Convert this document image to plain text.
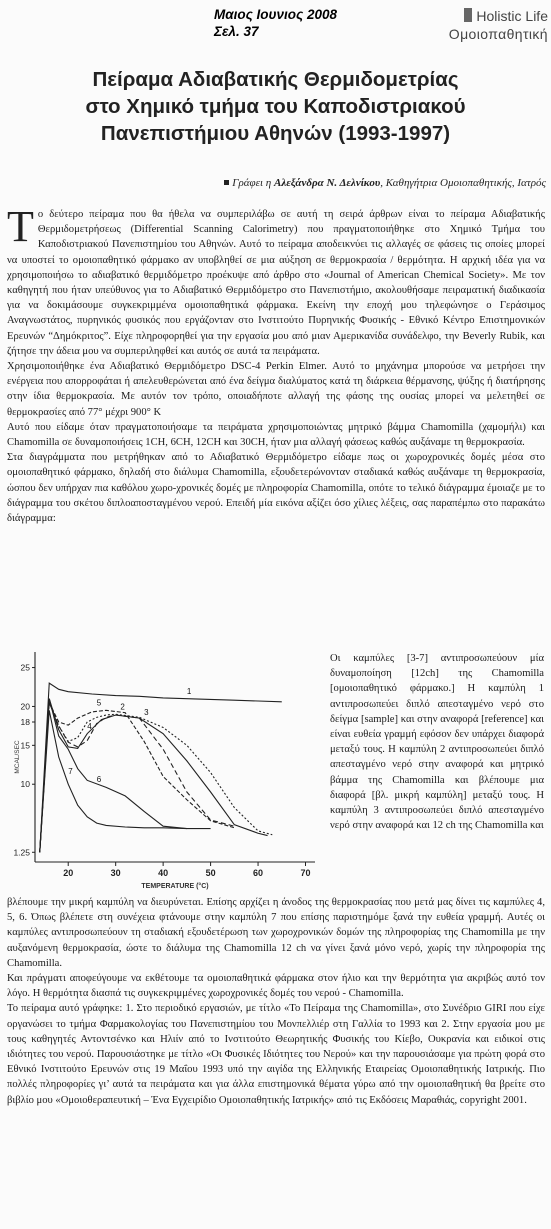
Μαιος Ιουνιος 2008
Σελ. 37
Holistic Life
Ομοιοπαθητική
Πείραμα Αδιαβατικής Θερμιδομετρίας
στο Χημικό τμήμα του Καποδιστριακού
Πανεπιστήμιου Αθηνών (1993-1997)
Γράφει η Αλεξάνδρα Ν. Δελνίκου, Καθηγήτρια Ομοιοπαθητικής, Ιατρός

Το δεύτερο πείραμα που θα ήθελα να συμπεριλάβω σε αυτή τη σειρά άρθρων είναι το πείραμα Αδιαβατικής Θερμιδομετρήσεως (Differential Scanning Calorimetry) που πραγματοποιήθηκε στο Χημικό Τμήμα του Καποδιστριακού Πανεπιστημίου του Αθηνών. Αυτό το πείραμα αποδεικνύει τις αλλαγές σε φάσεις τις οποίες μπορεί να υποστεί το ομοιοπαθητικό φάρμακο αν υποβληθεί σε μια αύξηση σε θερμοκρασία / θερμότητα. Η αρχική ιδέα για να χρησιμοποιήσω το αδιαβατικό θερμιδόμετρο προέκυψε από άρθρο στο «Journal of American Chemical Society». Με τον καθηγητή που ήταν υπεύθυνος για το Αδιαβατικό Θερμιδόμετρο στο Πανεπιστήμιο, ακολουθήσαμε πειραματική διαδικασία για να δοκιμάσουμε συγκεκριμμένα ομοιοπαθητικά φάρμακα. Εκείνη την εποχή μου τηλεφώνησε ο Γεράσιμος Αναγνωστάτος, πυρηνικός φυσικός που εργάζονταν στο Ινστιτούτο Πυρηνικής Φυσικής - Εθνικό Κέντρο Επιστημονικών Ερευνών “Δημόκριτος”. Είχε πληροφορηθεί για την εργασία μου από μιαν Αμερικανίδα συνάδελφο, την Beverly Rubik, και ζήτησε την άδεια μου να συμπεριληφθεί και αυτός σε αυτά τα πειράματα.

Χρησιμοποιήθηκε ένα Αδιαβατικό Θερμιδόμετρο DSC-4 Perkin Elmer. Αυτό το μηχάνημα μπορούσε να μετρήσει την ενέργεια που απορροφάται ή απελευθερώνεται από ένα δείγμα διαλύματος κατά τη διάρκεια θέρμανσης, ψύξης ή διατήρησης στην ίδια θερμοκρασία. Με αυτόν τον τρόπο, οποιαδήποτε αλλαγή της φάσης της ουσίας μπορεί να μελετηθεί σε θερμοκρασίες από 77° μέχρι 900° Κ

Αυτό που είδαμε όταν πραγματοποιήσαμε τα πειράματα χρησιμοποιώντας μητρικό βάμμα Chamomilla (χαμομήλι) και Chamomilla σε δυναμοποιήσεις 1CH, 6CH, 12CH και 30CH, ήταν μια αλλαγή φάσεως καθώς αυξάναμε τη θερμοκρασία.

Στα διαγράμματα που μετρήθηκαν από το Αδιαβατικό Θερμιδόμετρο είδαμε πως οι χωροχρονικές δομές μέσα στο ομοιοπαθητικό φάρμακο, δηλαδή στο διάλυμα Chamomilla, εξουδετερώνονταν σταδιακά καθώς αυξάναμε τη θερμοκρασία, ώσπου δεν υπήρχαν πια καθόλου χωρο-χρονικές δομές με πληροφορία Chamomilla, οπότε το τελικό διάγραμμα έμοιαζε με το διάγραμμα του σκέτου διπλοαποσταγμένου νερού. Επειδή μία εικόνα αξίζει όσο χίλιες λέξεις, σας παραπέμπω στο παρακάτω διάγραμμα:

20	30	40	50	60	70
TEMPERATURE (°C)
1.25
10
15
18
20
25
MCAL/SEC
1
2
3
4
5
6
7
Οι καμπύλες [3-7] αντιπροσωπεύουν μία δυναμοποίηση [12ch] της Chamomilla [ομοιοπαθητικό φάρμακο.] Η καμπύλη 1 αντιπροσωπεύει διπλό απεσταγμένο νερό στο δείγμα [sample] και στην αναφορά [reference] και είναι ευθεία γραμμή εφόσον δεν υπάρχει διαφορά μεταξύ τους. Η καμπύλη 2 αντιπροσωπεύει διπλό απεσταγμένο νερό στην αναφορά και μητρικό βάμμα της Chamomilla και βλέπουμε μια διαφορά [βλ. μικρή καμπύλη] μεταξύ τους. Η καμπύλη 3 αντιπροσωπεύει διπλό απεσταγμένο νερό στην αναφορά και 12 ch της Chamomilla και

βλέπουμε την μικρή καμπύλη να διευρύνεται. Επίσης αρχίζει η άνοδος της θερμοκρασίας που μετά μας δίνει τις καμπύλες 4, 5, 6. Όπως βλέπετε στη συνέχεια φτάνουμε στην καμπύλη 7 που επίσης παριστημόμε ξανά την ευθεία γραμμή. Αυτές οι καμπύλες αντιπροσωπεύουν τη σταδιακή εξουδετέρωση των χωροχρονικών δομών της πληροφορίας της Chamomilla με την αυξανόμενη θερμοκρασία, ώστε το διάλυμα της Chamomilla 12 ch να γίνει ξανά μόνο νερό, χωρίς την πληροφορία της Chamomilla.

Και πράγματι αποφεύγουμε να εκθέτουμε τα ομοιοπαθητικά φάρμακα στον ήλιο και την θερμότητα για ακριβώς αυτό τον λόγο. Η θερμότητα διασπά τις συγκεκριμμένες χωροχρονικές δομές του νερού - Chamomilla.

Το πείραμα αυτό γράφηκε: 1. Στο περιοδικό εργασιών, με τίτλο «Το Πείραμα της Chamomilla», στο Συνέδριο GIRI που είχε οργανώσει το τμήμα Φαρμακολογίας του Πανεπιστημίου του Μονπελλιέρ στη Γαλλία το 1993 και 2. Στην εργασία μου με τους καθηγητές Αντοντσένκο και Ηλιίν από το Ινστιτούτο Θεωρητικής Φυσικής του Κίεβο, Ουκρανία και ειδικοί στις ιδιότητες του νερού. Παρουσιάστηκε με τίτλο «Οι Φυσικές Ιδιότητες του Νερού» και την παρουσιάσαμε για πρώτη φορά στο Εθνικό Ινστιτούτο Ερευνών στις 19 Μαΐου 1993 υπό την αιγίδα της Ελληνικής Εταιρείας Ομοιοπαθητικής Ιατρικής. Πιο πολλές πληροφορίες γι’ αυτά τα πειράματα και για άλλα επιστημονικά θέματα γύρω από την ομοιοπαθητική θα βρείτε στο βιβλίο μου «Ομοιοθεραπευτική – Ένα Εγχειρίδιο Ομοιοπαθητικής Ιατρικής» από τις Εκδόσεις Μαραθιάς, copyright 2001.
